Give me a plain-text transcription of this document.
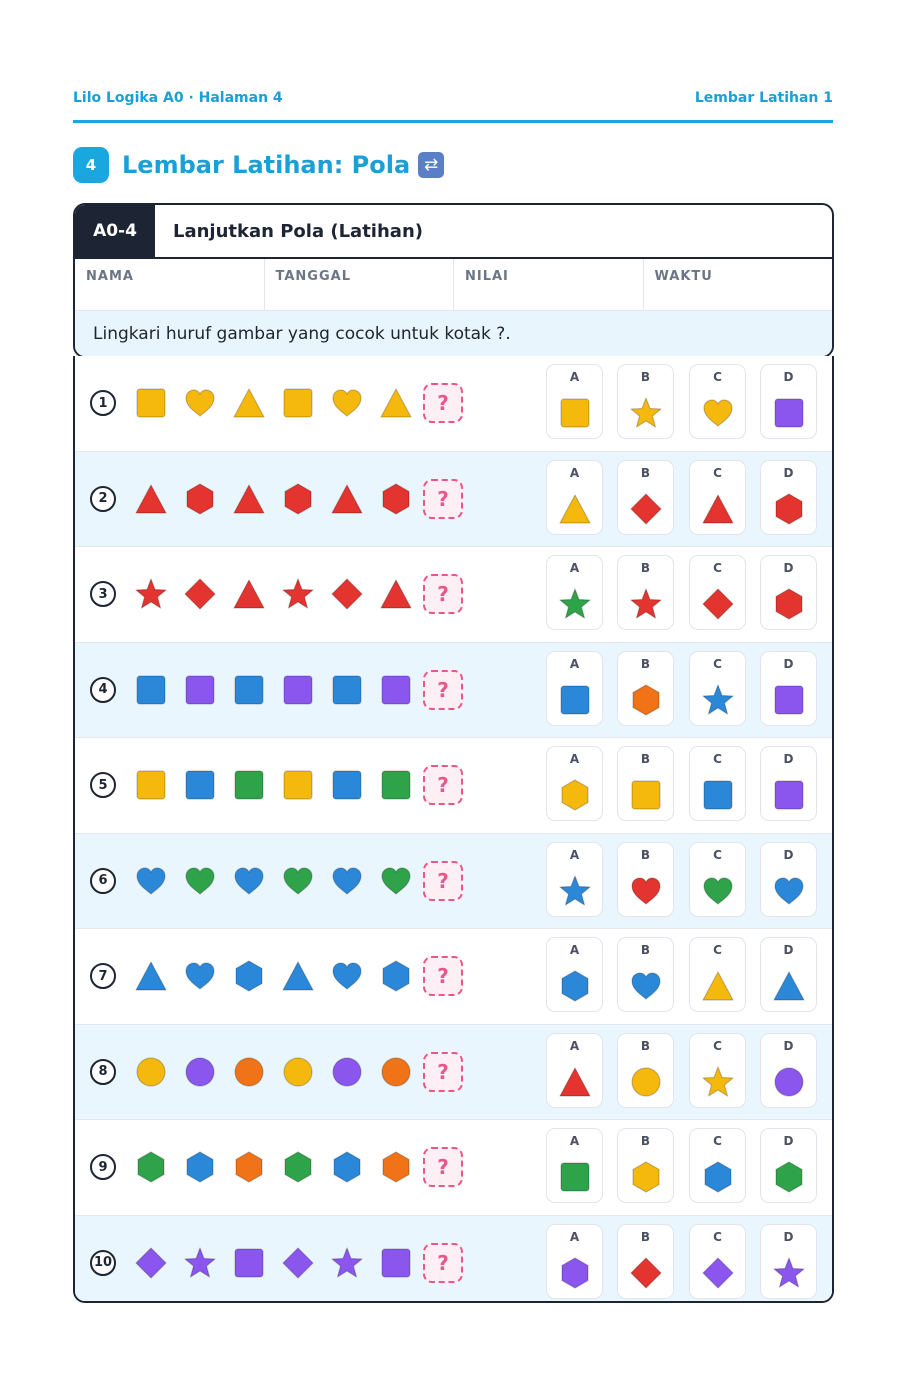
Lilo Logika A0 · Halaman 4	Lembar Latihan 1
4	Lembar Latihan: Pola ⇄
A0-4	Lanjutkan Pola (Latihan)
NAMA	TANGGAL	NILAI	WAKTU
Lingkari huruf gambar yang cocok untuk kotak ?.
1	?
A	B	C	D
2	?
A	B	C	D
3	?
A	B	C	D
4	?
A	B	C	D
5	?
A	B	C	D
6	?
A	B	C	D
7	?
A	B	C	D
8	?
A	B	C	D
9	?
A	B	C	D
10	?
A	B	C	D
